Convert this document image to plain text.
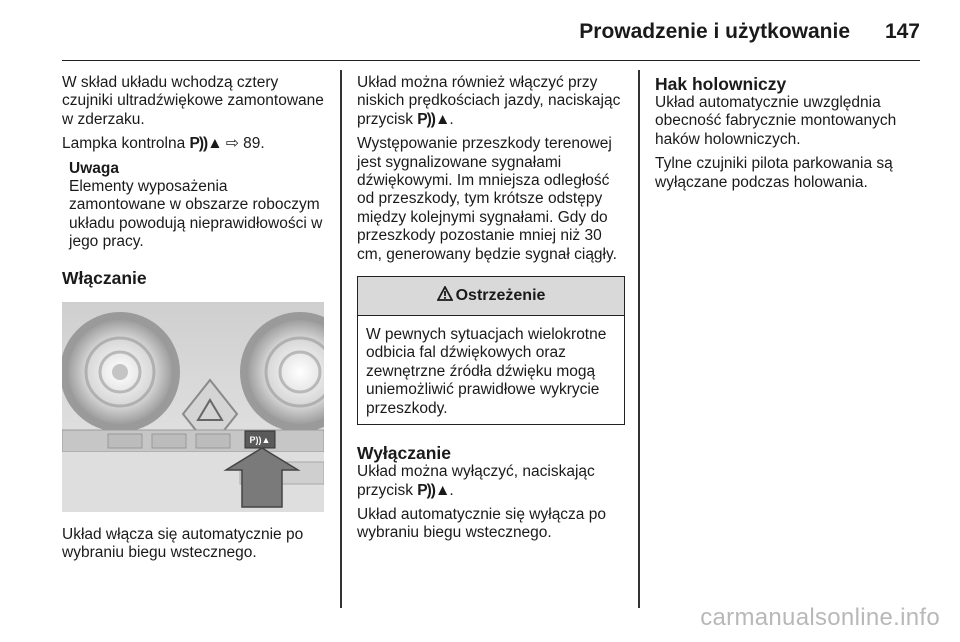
Prowadzenie i użytkowanie 147

W skład układu wchodzą cztery czujniki ultradźwiękowe zamontowane w zderzaku.

Lampka kontrolna P))▲ ⇨ 89.

Uwaga
Elementy wyposażenia zamontowane w obszarze roboczym układu powodują nieprawidłowości w jego pracy.
Włączanie
P))▲

Układ włącza się automatycznie po wybraniu biegu wstecznego.

Układ można również włączyć przy niskich prędkościach jazdy, naciskając przycisk P))▲.

Występowanie przeszkody terenowej jest sygnalizowane sygnałami dźwiękowymi. Im mniejsza odległość od przeszkody, tym krótsze odstępy między kolejnymi sygnałami. Gdy do przeszkody pozostanie mniej niż 30 cm, generowany będzie sygnał ciągły.

Ostrzeżenie
W pewnych sytuacjach wielokrotne odbicia fal dźwiękowych oraz zewnętrzne źródła dźwięku mogą uniemożliwić prawidłowe wykrycie przeszkody.
Wyłączanie

Układ można wyłączyć, naciskając przycisk P))▲.

Układ automatycznie się wyłącza po wybraniu biegu wstecznego.

Hak holowniczy

Układ automatycznie uwzględnia obecność fabrycznie montowanych haków holowniczych.

Tylne czujniki pilota parkowania są wyłączane podczas holowania.

carmanualsonline.info
